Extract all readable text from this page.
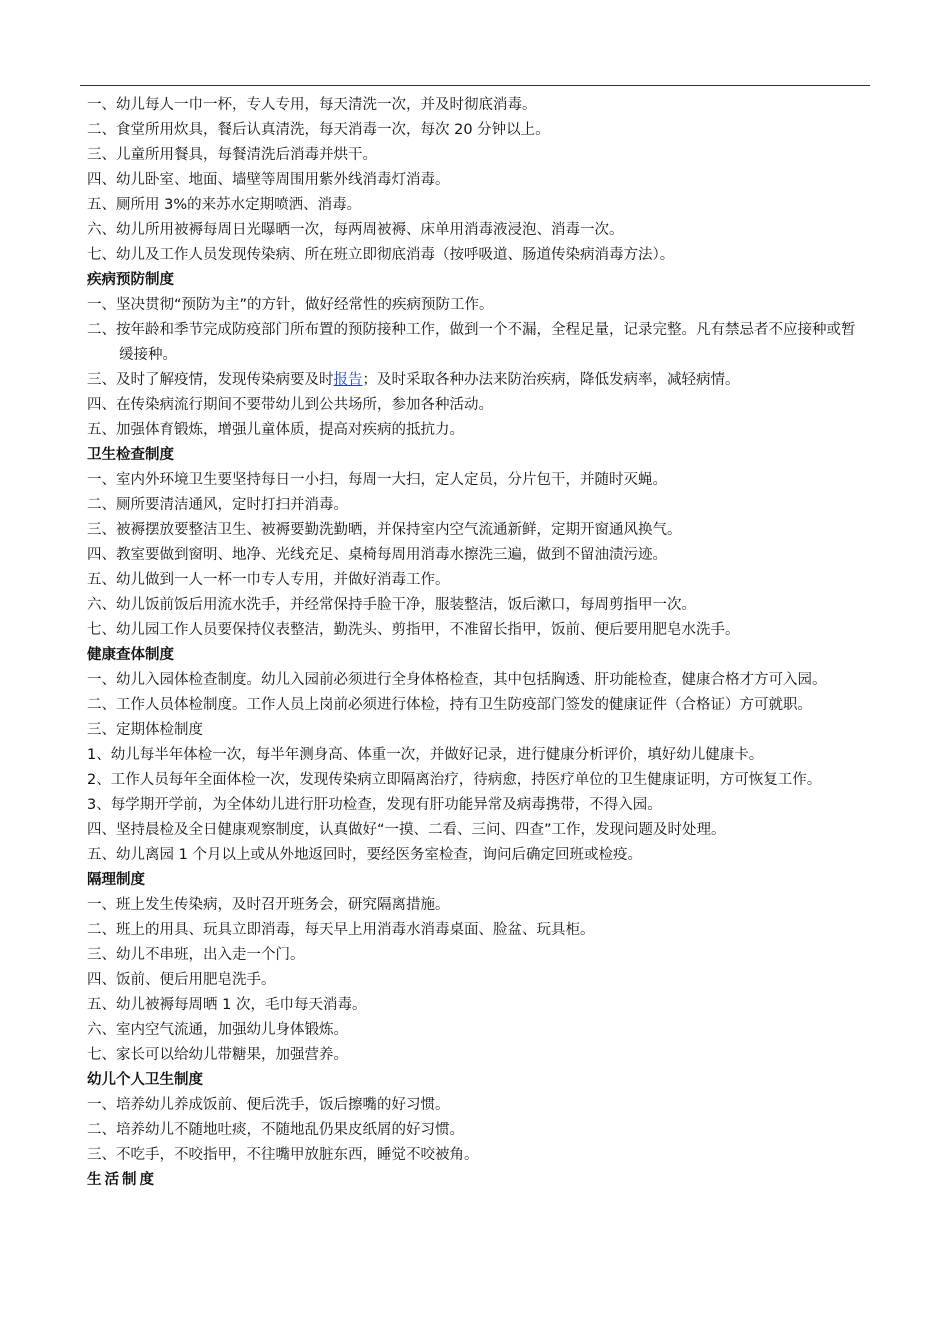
一、幼儿每人一巾一杯，专人专用，每天清洗一次，并及时彻底消毒。

二、食堂所用炊具，餐后认真清洗，每天消毒一次，每次 20 分钟以上。

三、儿童所用餐具，每餐清洗后消毒并烘干。

四、幼儿卧室、地面、墙壁等周围用紫外线消毒灯消毒。

五、厕所用 3%的来苏水定期喷洒、消毒。

六、幼儿所用被褥每周日光曝晒一次，每两周被褥、床单用消毒液浸泡、消毒一次。

七、幼儿及工作人员发现传染病、所在班立即彻底消毒（按呼吸道、肠道传染病消毒方法）。

疾病预防制度

一、坚决贯彻“预防为主”的方针，做好经常性的疾病预防工作。

二、按年龄和季节完成防疫部门所布置的预防接种工作，做到一个不漏，全程足量，记录完整。凡有禁忌者不应接种或暂缓接种。

三、及时了解疫情，发现传染病要及时报告；及时采取各种办法来防治疾病，降低发病率，减轻病情。

四、在传染病流行期间不要带幼儿到公共场所，参加各种活动。

五、加强体育锻炼，增强儿童体质，提高对疾病的抵抗力。

卫生检查制度

一、室内外环境卫生要坚持每日一小扫，每周一大扫，定人定员，分片包干，并随时灭蝇。

二、厕所要清洁通风，定时打扫并消毒。

三、被褥摆放要整洁卫生、被褥要勤洗勤晒，并保持室内空气流通新鲜，定期开窗通风换气。

四、教室要做到窗明、地净、光线充足、桌椅每周用消毒水擦洗三遍，做到不留油渍污迹。

五、幼儿做到一人一杯一巾专人专用，并做好消毒工作。

六、幼儿饭前饭后用流水洗手，并经常保持手脸干净，服装整洁，饭后漱口，每周剪指甲一次。

七、幼儿园工作人员要保持仪表整洁，勤洗头、剪指甲，不准留长指甲，饭前、便后要用肥皂水洗手。

健康查体制度

一、幼儿入园体检查制度。幼儿入园前必须进行全身体格检查，其中包括胸透、肝功能检查，健康合格才方可入园。

二、工作人员体检制度。工作人员上岗前必须进行体检，持有卫生防疫部门签发的健康证件（合格证）方可就职。

三、定期体检制度

1、幼儿每半年体检一次，每半年测身高、体重一次，并做好记录，进行健康分析评价，填好幼儿健康卡。

2、工作人员每年全面体检一次，发现传染病立即隔离治疗，待病愈，持医疗单位的卫生健康证明，方可恢复工作。

3、每学期开学前，为全体幼儿进行肝功检查，发现有肝功能异常及病毒携带，不得入园。

四、坚持晨检及全日健康观察制度，认真做好“一摸、二看、三问、四查”工作，发现问题及时处理。

五、幼儿离园 1 个月以上或从外地返回时，要经医务室检查，询问后确定回班或检疫。

隔理制度

一、班上发生传染病，及时召开班务会，研究隔离措施。

二、班上的用具、玩具立即消毒，每天早上用消毒水消毒桌面、脸盆、玩具柜。

三、幼儿不串班，出入走一个门。

四、饭前、便后用肥皂洗手。

五、幼儿被褥每周晒 1 次，毛巾每天消毒。

六、室内空气流通，加强幼儿身体锻炼。

七、家长可以给幼儿带糖果，加强营养。

幼儿个人卫生制度

一、培养幼儿养成饭前、便后洗手，饭后擦嘴的好习惯。

二、培养幼儿不随地吐痰，不随地乱仍果皮纸屑的好习惯。

三、不吃手，不咬指甲，不往嘴甲放脏东西，睡觉不咬被角。

生活制度
